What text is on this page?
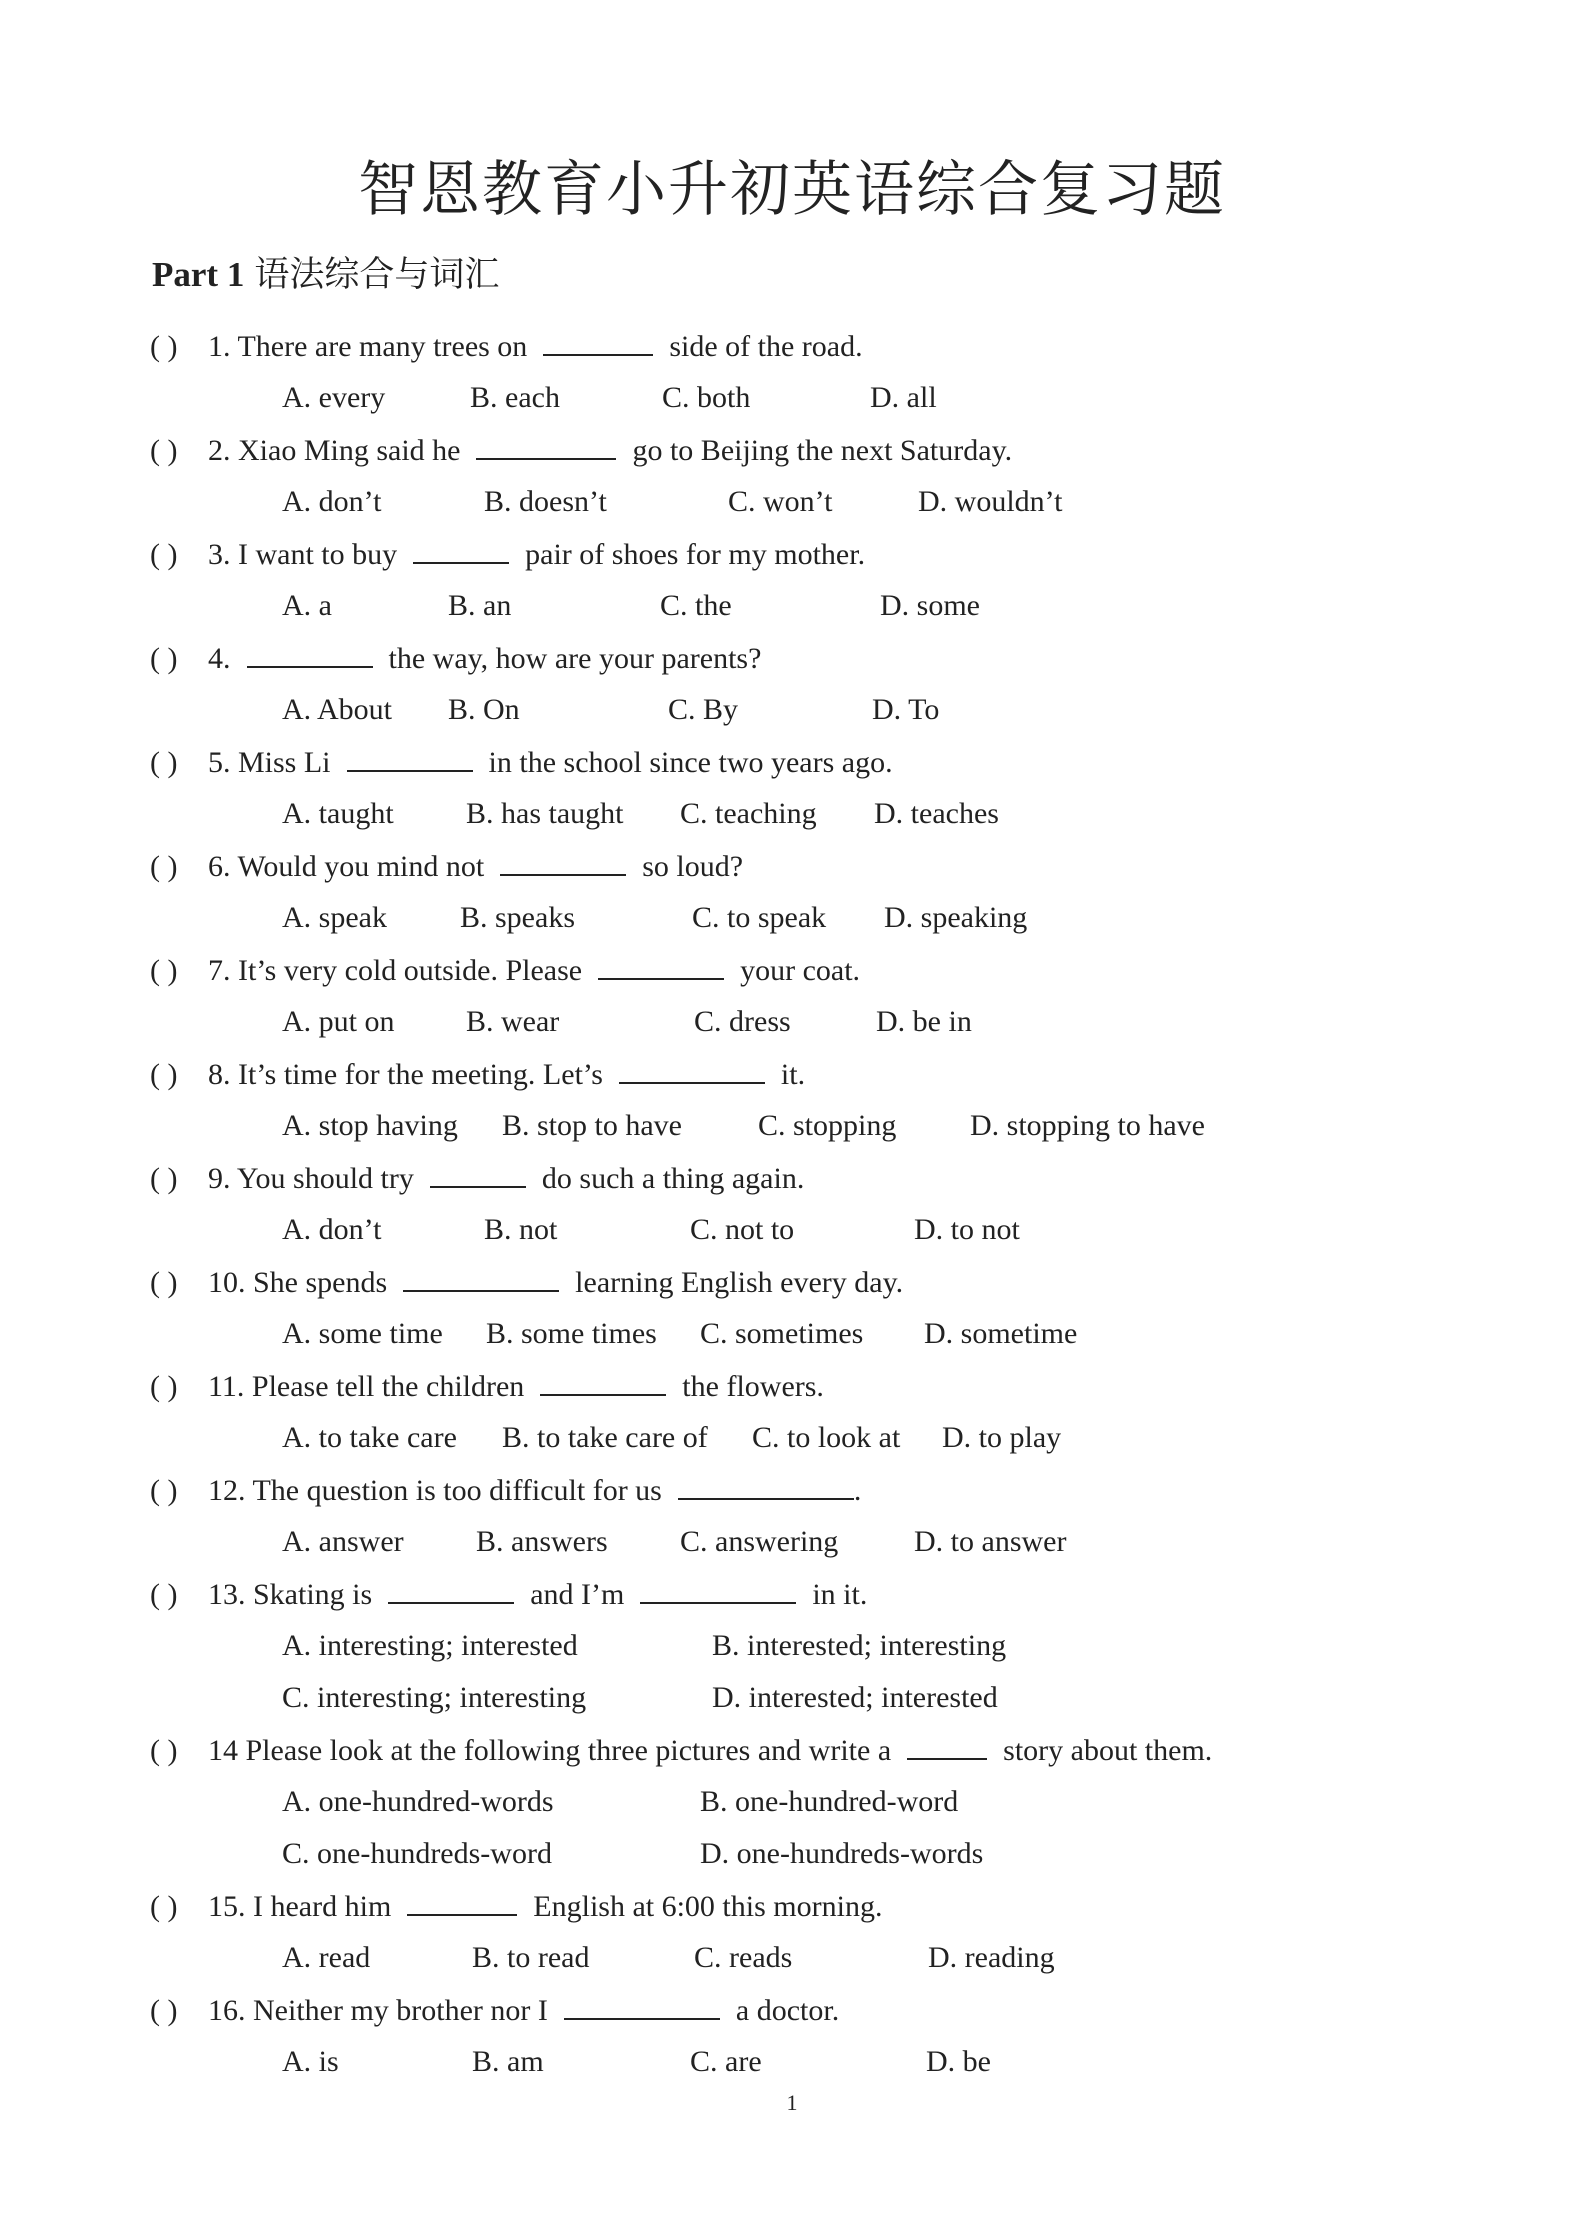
智恩教育小升初英语综合复习题
Part 1 语法综合与词汇
( ) 1. There are many trees on	side of the road.
A. every	B. each	C. both	D. all
( ) 2. Xiao Ming said he	go to Beijing the next Saturday.
A. don’t	B. doesn’t	C. won’t	D. wouldn’t
( ) 3. I want to buy	pair of shoes for my mother.
A. a	B. an	C. the	D. some
( ) 4.	the way, how are your parents?
A. About B. On	C. By	D. To
( ) 5. Miss Li	in the school since two years ago.
A. taught B. has taught C. teaching D. teaches
( ) 6. Would you mind not	so loud?
A. speak B. speaks	C. to speak D. speaking
( ) 7. It’s very cold outside. Please	your coat.
A. put on B. wear	C. dress	D. be in
( ) 8. It’s time for the meeting. Let’s	it.
A. stop having B. stop to have	C. stopping D. stopping to have
( ) 9. You should try	do such a thing again.
A. don’t	B. not	C. not to	D. to not
( ) 10. She spends	learning English every day.
A. some time B. some times C. sometimes D. sometime
( ) 11. Please tell the children	the flowers.
A. to take care B. to take care of C. to look at D. to play
( ) 12. The question is too difficult for us	.
A. answer B. answers C. answering	D. to answer
( ) 13. Skating is	and I’m	in it.
A. interesting; interested	B. interested; interesting
C. interesting; interesting	D. interested; interested
( ) 14 Please look at the following three pictures and write a	story about them.
A. one-hundred-words	B. one-hundred-word
C. one-hundreds-word	D. one-hundreds-words
( ) 15. I heard him	English at 6:00 this morning.
A. read	B. to read	C. reads	D. reading
( ) 16. Neither my brother nor I	a doctor.
A. is	B. am	C. are	D. be
1
